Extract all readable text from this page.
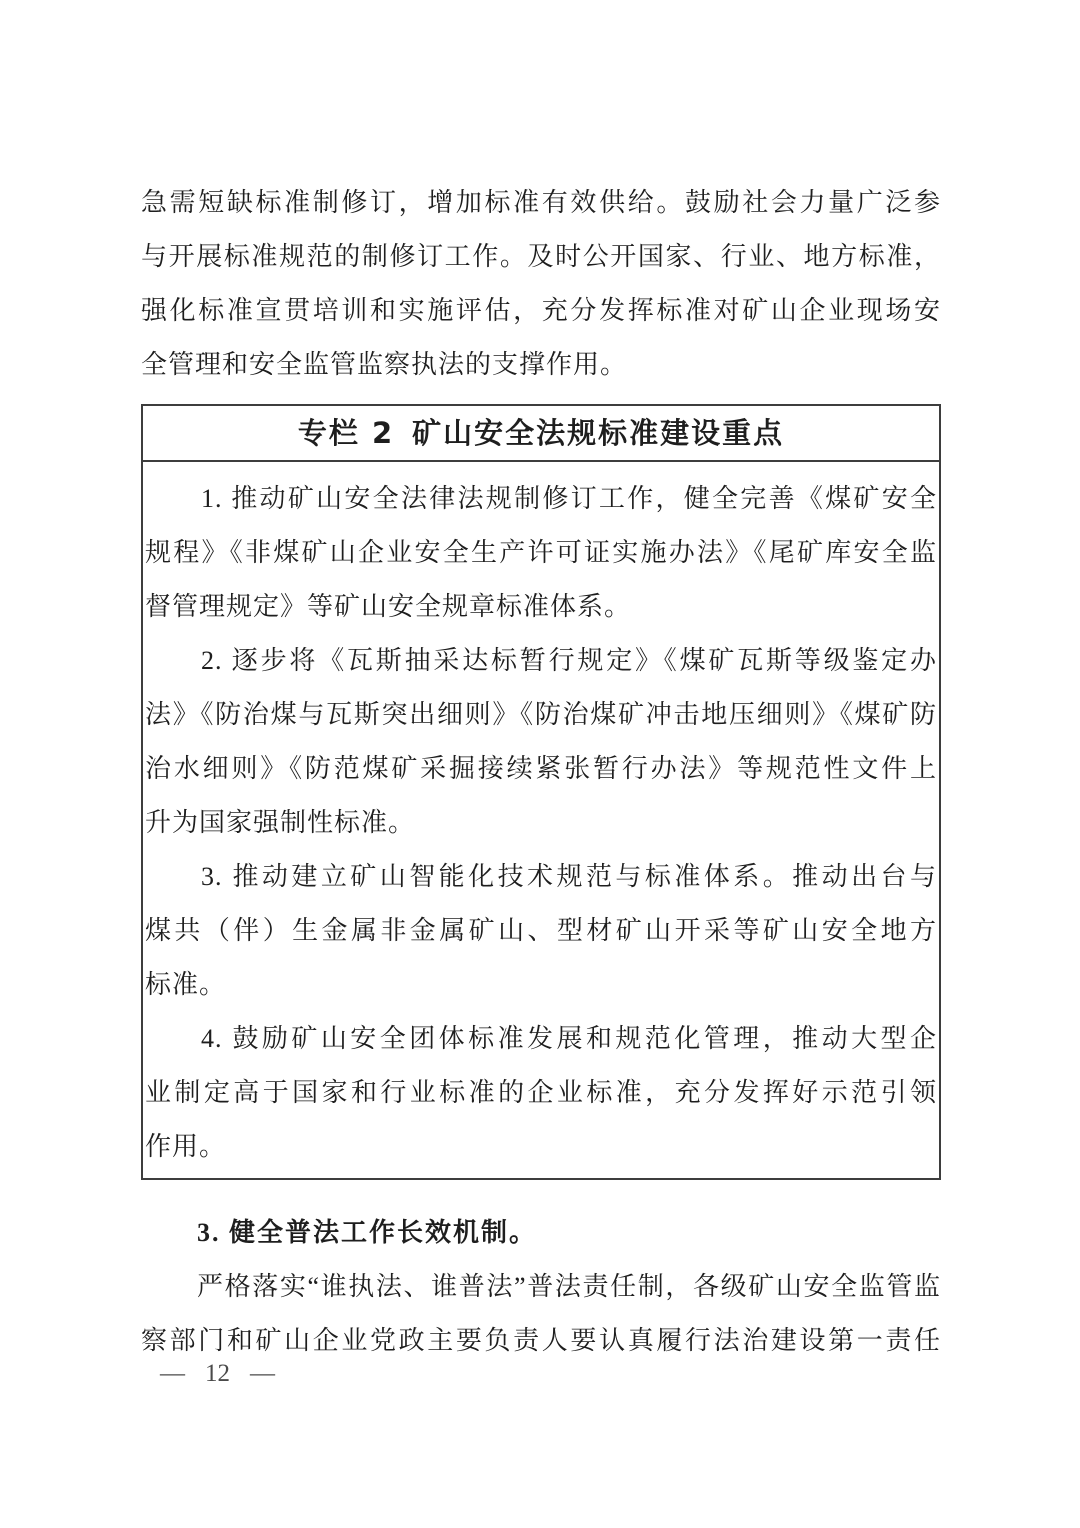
急需短缺标准制修订，增加标准有效供给。鼓励社会力量广泛参
与开展标准规范的制修订工作。及时公开国家、行业、地方标准，
强化标准宣贯培训和实施评估，充分发挥标准对矿山企业现场安
全管理和安全监管监察执法的支撑作用。
专栏 2 矿山安全法规标准建设重点
1. 推动矿山安全法律法规制修订工作，健全完善《煤矿安全
规程》《非煤矿山企业安全生产许可证实施办法》《尾矿库安全监
督管理规定》等矿山安全规章标准体系。
2. 逐步将《瓦斯抽采达标暂行规定》《煤矿瓦斯等级鉴定办
法》《防治煤与瓦斯突出细则》《防治煤矿冲击地压细则》《煤矿防
治水细则》《防范煤矿采掘接续紧张暂行办法》等规范性文件上
升为国家强制性标准。
3. 推动建立矿山智能化技术规范与标准体系。推动出台与
煤共（伴）生金属非金属矿山、型材矿山开采等矿山安全地方
标准。
4. 鼓励矿山安全团体标准发展和规范化管理，推动大型企
业制定高于国家和行业标准的企业标准，充分发挥好示范引领
作用。
3. 健全普法工作长效机制。
严格落实“谁执法、谁普法”普法责任制，各级矿山安全监管监
察部门和矿山企业党政主要负责人要认真履行法治建设第一责任
— 12 —
